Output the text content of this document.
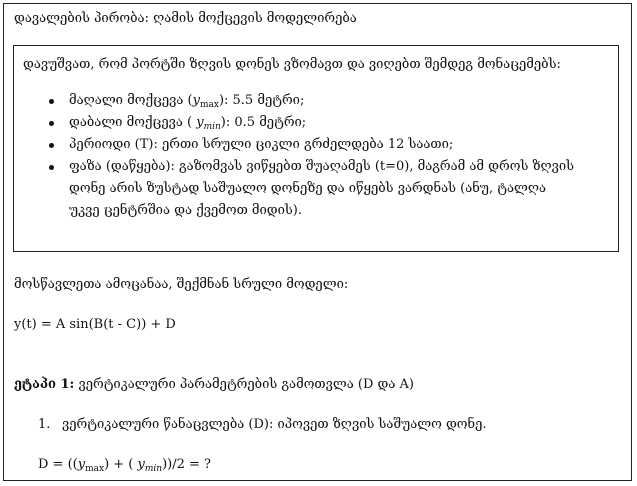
დავალების პირობა: ღამის მოქცევის მოდელირება
დავუშვათ, რომ პორტში ზღვის დონეს ვზომავთ და ვიღებთ შემდეგ მონაცემებს:
მაღალი მოქცევა $(y_{max})$: 5.5 მეტრი;
დაბალი მოქცევა ( $y_{min}$): 0.5 მეტრი;
პერიოდი (T): ერთი სრული ციკლი გრძელდება 12 საათი;
ფაზა (დაწყება): გაზომვას ვიწყებთ შუაღამეს (t=0), მაგრამ ამ დროს ზღვის
დონე არის ზუსტად საშუალო დონეზე და იწყებს ვარდნას (ანუ, ტალღა
უკვე ცენტრშია და ქვემოთ მიდის).
მოსწავლეთა ამოცანაა, შექმნან სრული მოდელი:
y(t) = A sin(B(t - C)) + D
ეტაპი 1: ვერტიკალური პარამეტრების გამოთვლა (D და A)
1. ვერტიკალური წანაცვლება (D): იპოვეთ ზღვის საშუალო დონე.
$D = ((y_{max})$ + ( $y_{min}))/2$ = ?
